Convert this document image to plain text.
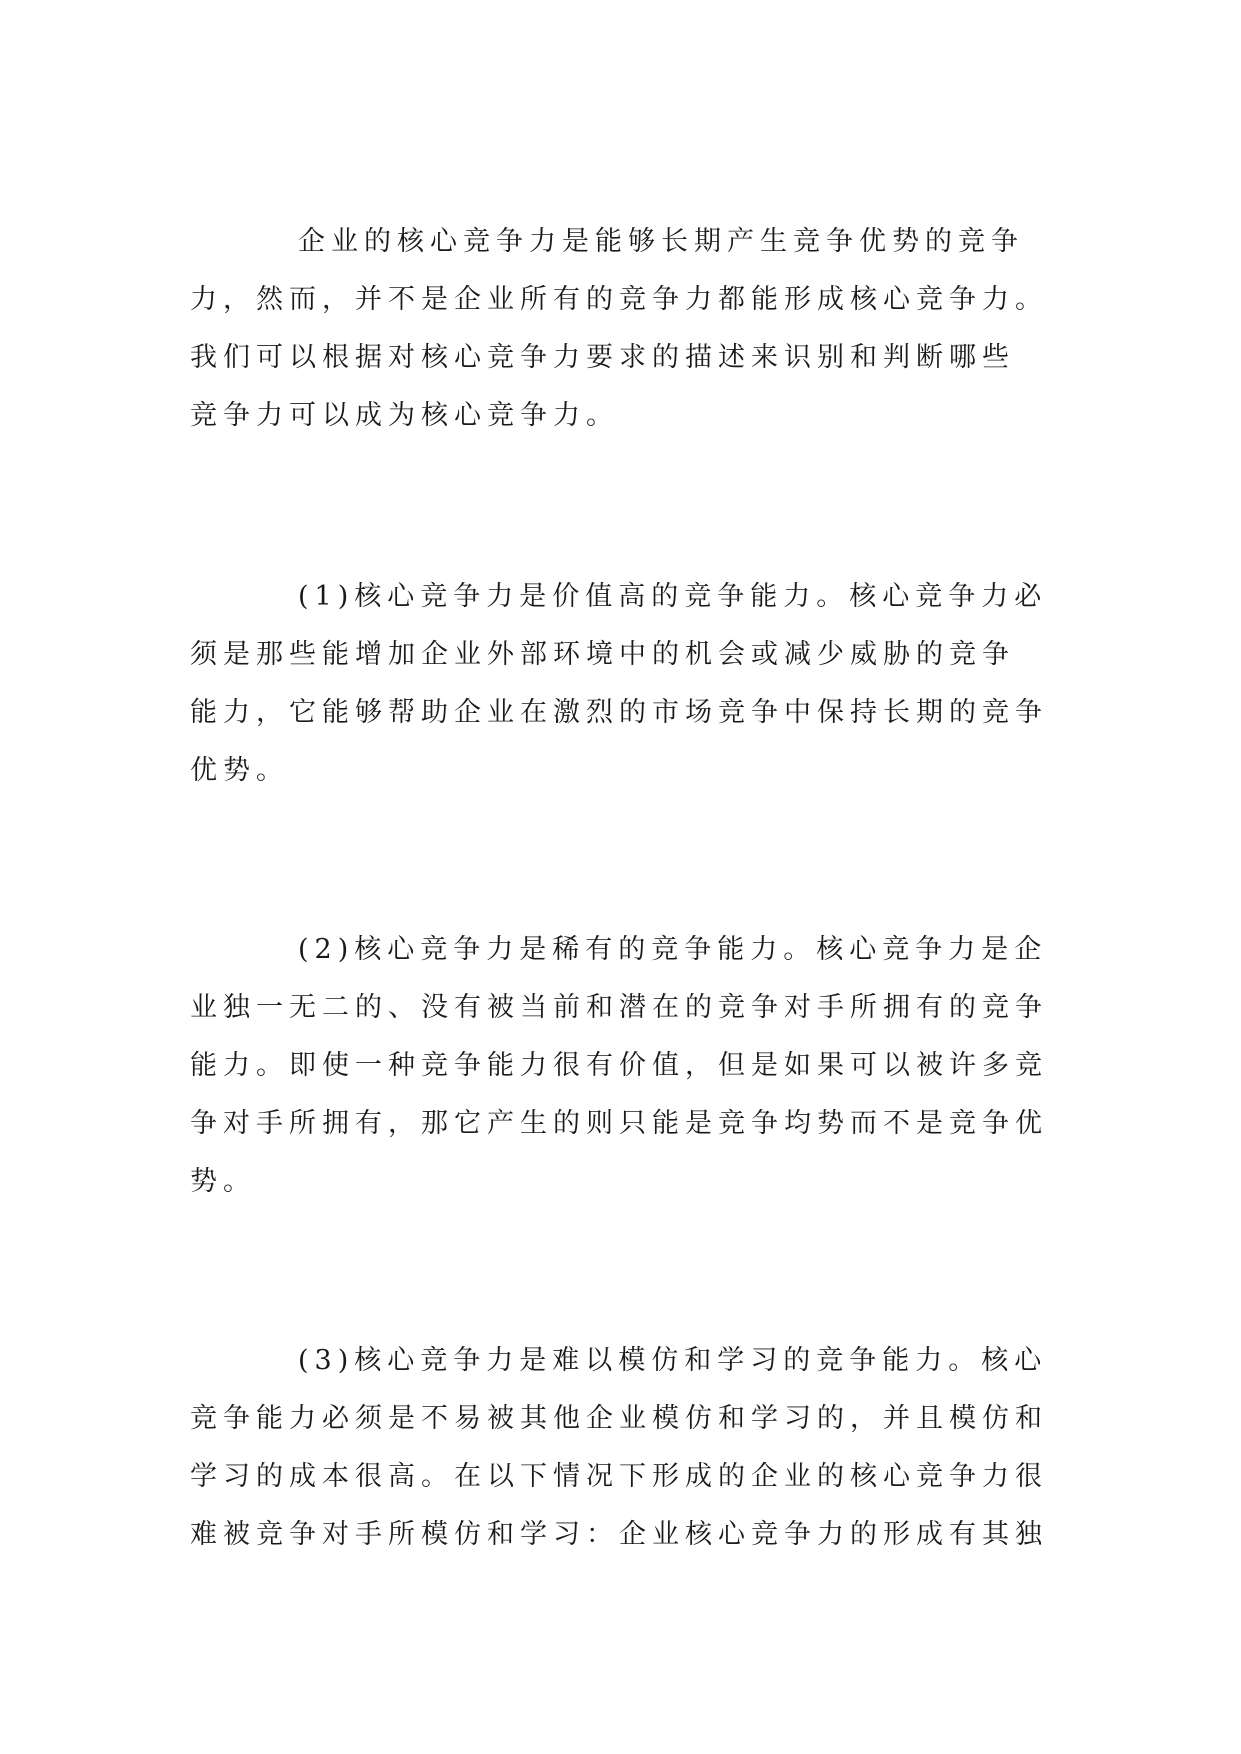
企业的核心竞争力是能够长期产生竞争优势的竞争
力，然而，并不是企业所有的竞争力都能形成核心竞争力。
我们可以根据对核心竞争力要求的描述来识别和判断哪些
竞争力可以成为核心竞争力。

(1)核心竞争力是价值高的竞争能力。核心竞争力必
须是那些能增加企业外部环境中的机会或减少威胁的竞争
能力，它能够帮助企业在激烈的市场竞争中保持长期的竞争
优势。

(2)核心竞争力是稀有的竞争能力。核心竞争力是企
业独一无二的、没有被当前和潜在的竞争对手所拥有的竞争
能力。即使一种竞争能力很有价值，但是如果可以被许多竞
争对手所拥有，那它产生的则只能是竞争均势而不是竞争优
势。

(3)核心竞争力是难以模仿和学习的竞争能力。核心
竞争能力必须是不易被其他企业模仿和学习的，并且模仿和
学习的成本很高。在以下情况下形成的企业的核心竞争力很
难被竞争对手所模仿和学习：企业核心竞争力的形成有其独
